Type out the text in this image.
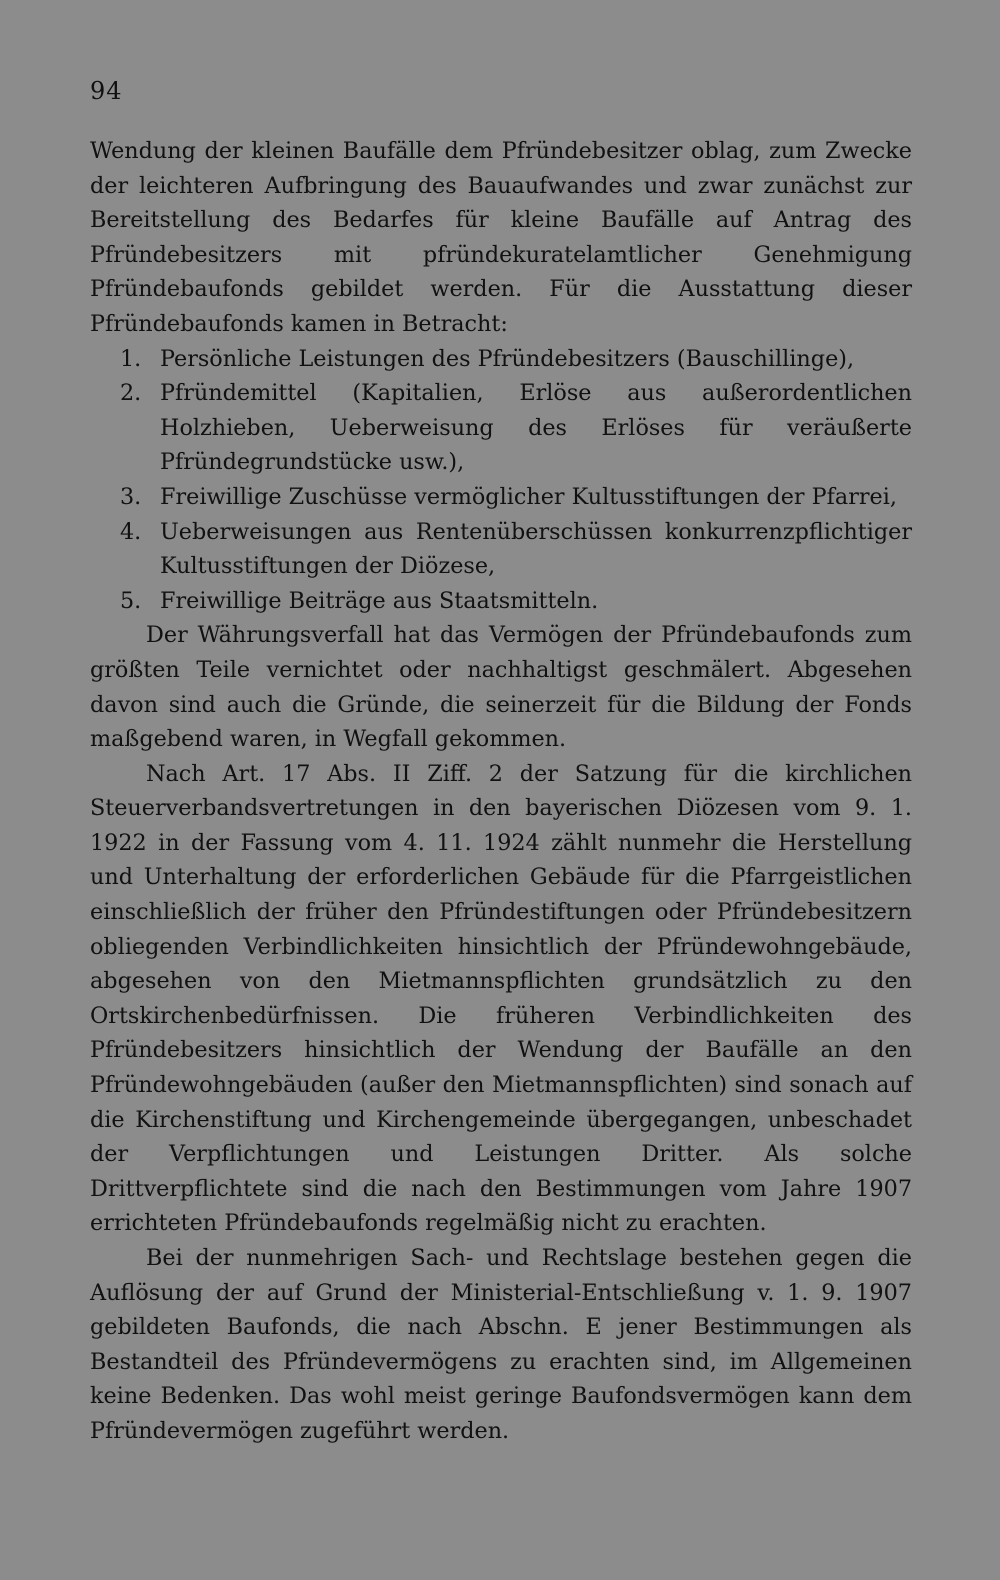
94

Wendung der kleinen Baufälle dem Pfründebesitzer oblag, zum Zwecke der leichteren Aufbringung des Bauaufwandes und zwar zunächst zur Bereitstellung des Bedarfes für kleine Baufälle auf Antrag des Pfründebesitzers mit pfründekuratelamtlicher Genehmigung Pfründebaufonds gebildet werden. Für die Ausstattung dieser Pfründebaufonds kamen in Betracht:

1. Persönliche Leistungen des Pfründebesitzers (Bauschillinge),
2. Pfründemittel (Kapitalien, Erlöse aus außerordentlichen Holzhieben, Ueberweisung des Erlöses für veräußerte Pfründegrundstücke usw.),
3. Freiwillige Zuschüsse vermöglicher Kultusstiftungen der Pfarrei,
4. Ueberweisungen aus Rentenüberschüssen konkurrenzpflichtiger Kultusstiftungen der Diözese,
5. Freiwillige Beiträge aus Staatsmitteln.

Der Währungsverfall hat das Vermögen der Pfründebaufonds zum größten Teile vernichtet oder nachhaltigst geschmälert. Abgesehen davon sind auch die Gründe, die seinerzeit für die Bildung der Fonds maßgebend waren, in Wegfall gekommen.

Nach Art. 17 Abs. II Ziff. 2 der Satzung für die kirchlichen Steuerverbandsvertretungen in den bayerischen Diözesen vom 9. 1. 1922 in der Fassung vom 4. 11. 1924 zählt nunmehr die Herstellung und Unterhaltung der erforderlichen Gebäude für die Pfarrgeistlichen einschließlich der früher den Pfründestiftungen oder Pfründebesitzern obliegenden Verbindlichkeiten hinsichtlich der Pfründewohngebäude, abgesehen von den Mietmannspflichten grundsätzlich zu den Ortskirchenbedürfnissen. Die früheren Verbindlichkeiten des Pfründebesitzers hinsichtlich der Wendung der Baufälle an den Pfründewohngebäuden (außer den Mietmannspflichten) sind sonach auf die Kirchenstiftung und Kirchengemeinde übergegangen, unbeschadet der Verpflichtungen und Leistungen Dritter. Als solche Drittverpflichtete sind die nach den Bestimmungen vom Jahre 1907 errichteten Pfründebaufonds regelmäßig nicht zu erachten.

Bei der nunmehrigen Sach- und Rechtslage bestehen gegen die Auflösung der auf Grund der Ministerial-Entschließung v. 1. 9. 1907 gebildeten Baufonds, die nach Abschn. E jener Bestimmungen als Bestandteil des Pfründevermögens zu erachten sind, im Allgemeinen keine Bedenken. Das wohl meist geringe Baufondsvermögen kann dem Pfründevermögen zugeführt werden.
